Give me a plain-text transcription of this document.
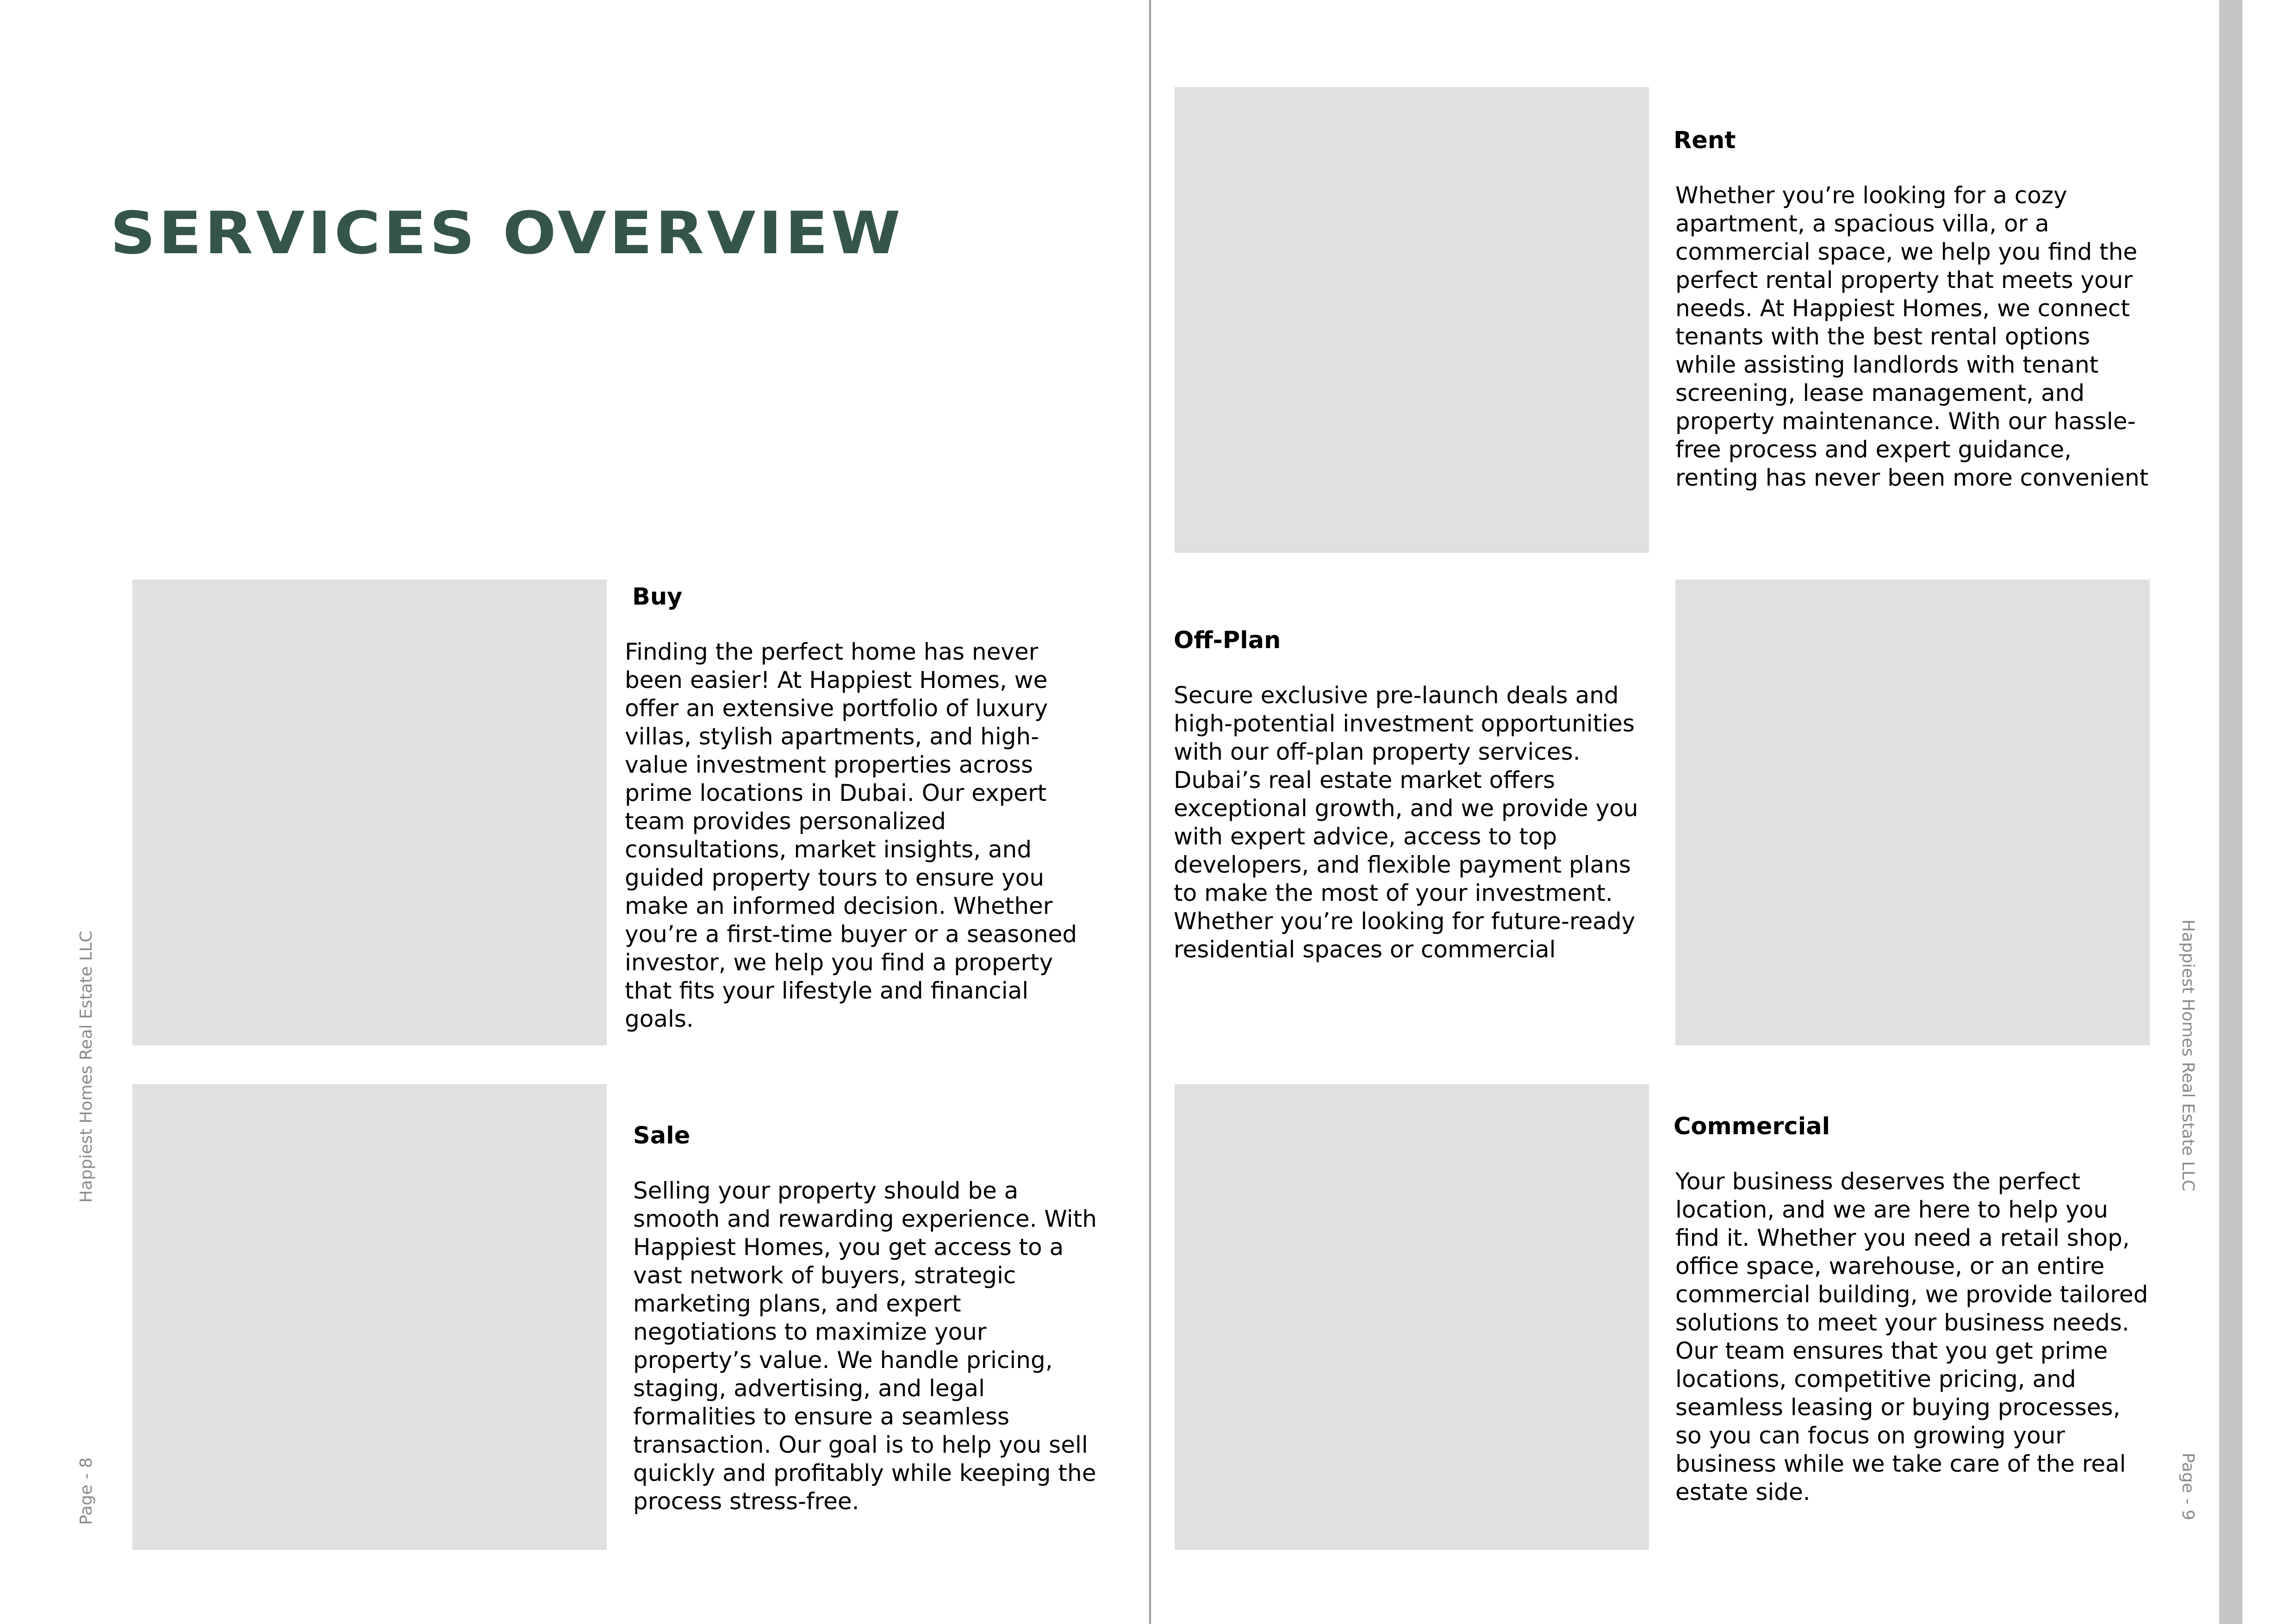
SERVICES OVERVIEW
Buy
Finding the perfect home has never been easier! At Happiest Homes, we offer an extensive portfolio of luxury villas, stylish apartments, and high-value investment properties across prime locations in Dubai. Our expert team provides personalized consultations, market insights, and guided property tours to ensure you make an informed decision. Whether you’re a first-time buyer or a seasoned investor, we help you find a property that fits your lifestyle and financial goals.
Sale
Selling your property should be a smooth and rewarding experience. With Happiest Homes, you get access to a vast network of buyers, strategic marketing plans, and expert negotiations to maximize your property’s value. We handle pricing, staging, advertising, and legal formalities to ensure a seamless transaction. Our goal is to help you sell quickly and profitably while keeping the process stress-free.
Rent
Whether you’re looking for a cozy apartment, a spacious villa, or a commercial space, we help you find the perfect rental property that meets your needs. At Happiest Homes, we connect tenants with the best rental options while assisting landlords with tenant screening, lease management, and property maintenance. With our hassle-free process and expert guidance, renting has never been more convenient
Off-Plan
Secure exclusive pre-launch deals and high-potential investment opportunities with our off-plan property services. Dubai’s real estate market offers exceptional growth, and we provide you with expert advice, access to top developers, and flexible payment plans to make the most of your investment. Whether you’re looking for future-ready residential spaces or commercial
Commercial
Your business deserves the perfect location, and we are here to help you find it. Whether you need a retail shop, office space, warehouse, or an entire commercial building, we provide tailored solutions to meet your business needs. Our team ensures that you get prime locations, competitive pricing, and seamless leasing or buying processes, so you can focus on growing your business while we take care of the real estate side.
Happiest Homes Real Estate LLC
Page - 8
Happiest Homes Real Estate LLC
Page - 9
